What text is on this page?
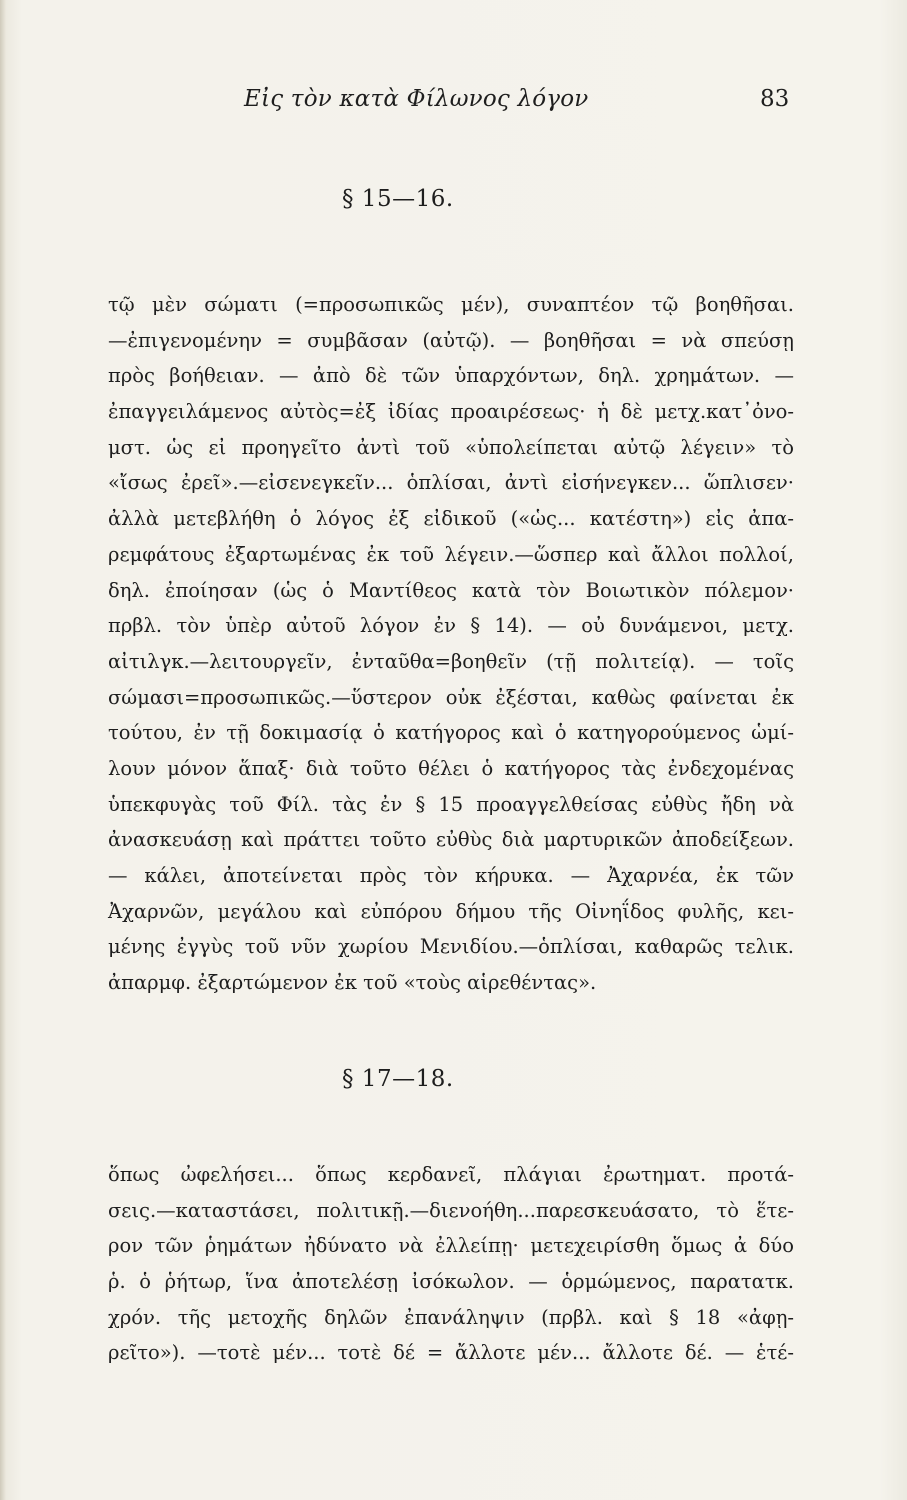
Εἰς τὸν κατὰ Φίλωνος λόγον	83
§ 15—16.
τῷ μὲν σώματι (=προσωπικῶς μέν), συναπτέον τῷ βοηθῆσαι.
—ἐπιγενομένην = συμβᾶσαν (αὐτῷ). — βοηθῆσαι = νὰ σπεύσῃ
πρὸς βοήθειαν. — ἀπὸ δὲ τῶν ὑπαρχόντων, δηλ. χρημάτων. —
ἐπαγγειλάμενος αὐτὸς=ἐξ ἰδίας προαιρέσεως· ἡ δὲ μετχ.κατ᾽ὀνο-
μστ. ὡς εἰ προηγεῖτο ἀντὶ τοῦ «ὑπολείπεται αὐτῷ λέγειν» τὸ
«ἴσως ἐρεῖ».—εἰσενεγκεῖν... ὁπλίσαι, ἀντὶ εἰσήνεγκεν... ὥπλισεν·
ἀλλὰ μετεβλήθη ὁ λόγος ἐξ εἰδικοῦ («ὡς... κατέστη») εἰς ἀπα-
ρεμφάτους ἐξαρτωμένας ἐκ τοῦ λέγειν.—ὥσπερ καὶ ἄλλοι πολλοί,
δηλ. ἐποίησαν (ὡς ὁ Μαντίθεος κατὰ τὸν Βοιωτικὸν πόλεμον·
πρβλ. τὸν ὑπὲρ αὐτοῦ λόγον ἐν § 14). — οὐ δυνάμενοι, μετχ.
αἰτιλγκ.—λειτουργεῖν, ἐνταῦθα=βοηθεῖν (τῇ πολιτείᾳ). — τοῖς
σώμασι=προσωπικῶς.—ὕστερον οὐκ ἐξέσται, καθὼς φαίνεται ἐκ
τούτου, ἐν τῇ δοκιμασίᾳ ὁ κατήγορος καὶ ὁ κατηγορούμενος ὡμί-
λουν μόνον ἅπαξ· διὰ τοῦτο θέλει ὁ κατήγορος τὰς ἐνδεχομένας
ὑπεκφυγὰς τοῦ Φίλ. τὰς ἐν § 15 προαγγελθείσας εὐθὺς ἤδη νὰ
ἀνασκευάσῃ καὶ πράττει τοῦτο εὐθὺς διὰ μαρτυρικῶν ἀποδείξεων.
— κάλει, ἀποτείνεται πρὸς τὸν κήρυκα. — Ἀχαρνέα, ἐκ τῶν
Ἀχαρνῶν, μεγάλου καὶ εὐπόρου δήμου τῆς Οἰνηΐδος φυλῆς, κει-
μένης ἐγγὺς τοῦ νῦν χωρίου Μενιδίου.—ὁπλίσαι, καθαρῶς τελικ.
ἀπαρμφ. ἐξαρτώμενον ἐκ τοῦ «τοὺς αἱρεθέντας».
§ 17—18.
ὅπως ὠφελήσει... ὅπως κερδανεῖ, πλάγιαι ἐρωτηματ. προτά-
σεις.—καταστάσει, πολιτικῇ.—διενοήθη...παρεσκευάσατο, τὸ ἕτε-
ρον τῶν ῥημάτων ἠδύνατο νὰ ἐλλείπῃ· μετεχειρίσθη ὅμως ἀ δύο
ῥ. ὁ ῥήτωρ, ἵνα ἀποτελέσῃ ἰσόκωλον. — ὁρμώμενος, παρατατκ.
χρόν. τῆς μετοχῆς δηλῶν ἐπανάληψιν (πρβλ. καὶ § 18 «ἀφῃ-
ρεῖτο»). —τοτὲ μέν... τοτὲ δέ = ἄλλοτε μέν... ἄλλοτε δέ. — ἑτέ-
